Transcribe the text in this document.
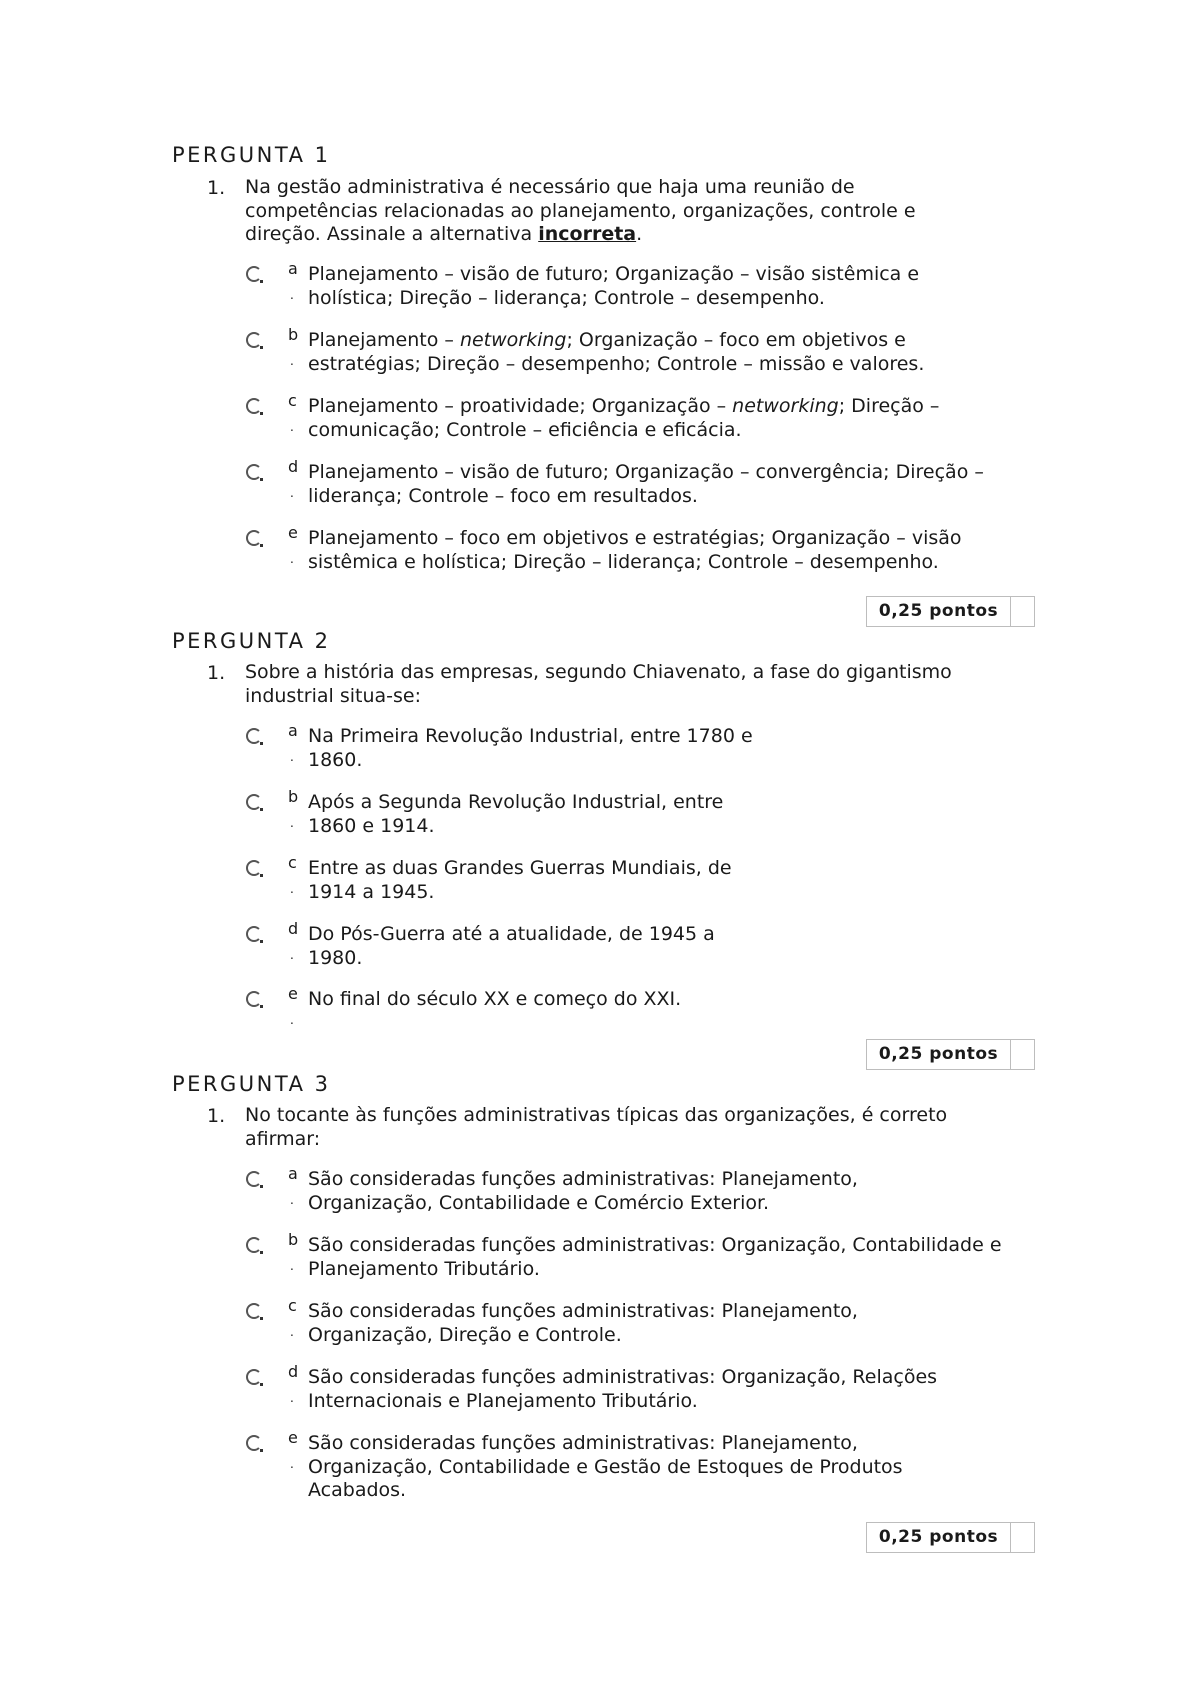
PERGUNTA 1
1. Na gestão administrativa é necessário que haja uma reunião de competências relacionadas ao planejamento, organizações, controle e direção. Assinale a alternativa incorreta.
a
.
Planejamento – visão de futuro; Organização – visão sistêmica e holística; Direção – liderança; Controle – desempenho.
b
.
Planejamento – networking; Organização – foco em objetivos e estratégias; Direção – desempenho; Controle – missão e valores.
c
.
Planejamento – proatividade; Organização – networking; Direção – comunicação; Controle – eficiência e eficácia.
d
.
Planejamento – visão de futuro; Organização – convergência; Direção – liderança; Controle – foco em resultados.
e
.
Planejamento – foco em objetivos e estratégias; Organização – visão sistêmica e holística; Direção – liderança; Controle – desempenho.
0,25 pontos
PERGUNTA 2
1. Sobre a história das empresas, segundo Chiavenato, a fase do gigantismo industrial situa-se:
a
.
Na Primeira Revolução Industrial, entre 1780 e
1860.
b
.
Após a Segunda Revolução Industrial, entre
1860 e 1914.
c
.
Entre as duas Grandes Guerras Mundiais, de
1914 a 1945.
d
.
Do Pós-Guerra até a atualidade, de 1945 a
1980.
e
.
No final do século XX e começo do XXI.
0,25 pontos
PERGUNTA 3
1. No tocante às funções administrativas típicas das organizações, é correto afirmar:
a
.
São consideradas funções administrativas: Planejamento, Organização, Contabilidade e Comércio Exterior.
b
.
São consideradas funções administrativas: Organização, Contabilidade e Planejamento Tributário.
c
.
São consideradas funções administrativas: Planejamento, Organização, Direção e Controle.
d
.
São consideradas funções administrativas: Organização, Relações Internacionais e Planejamento Tributário.
e
.
São consideradas funções administrativas: Planejamento, Organização, Contabilidade e Gestão de Estoques de Produtos Acabados.
0,25 pontos
